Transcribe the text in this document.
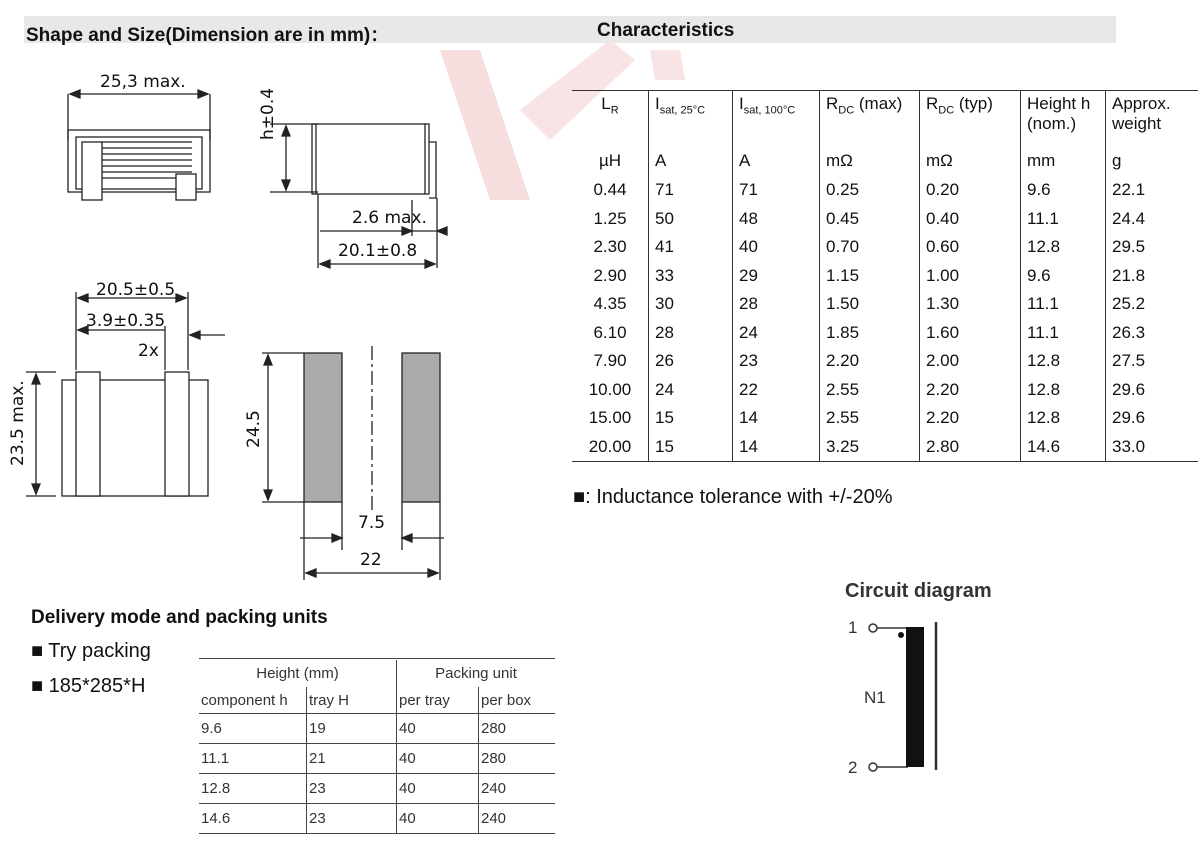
Shape and Size(Dimension are in mm)：	Characteristics
25,3 max.
h±0.4
2.6 max.
20.1±0.8
20.5±0.5
3.9±0.35
2x
23.5 max.	24.5
7.5
22
$L_R$	$I_{sat, 25^\circ C}$	$I_{sat, 100^\circ C}$	$R_{DC}$ (max)	$R_{DC}$ (typ)	Height h (nom.)	Approx. weight
µH	A	A	mΩ	mΩ	mm	g
0.44	71	71	0.25	0.20	9.6	22.1
1.25	50	48	0.45	0.40	11.1	24.4
2.30	41	40	0.70	0.60	12.8	29.5
2.90	33	29	1.15	1.00	9.6	21.8
4.35	30	28	1.50	1.30	11.1	25.2
6.10	28	24	1.85	1.60	11.1	26.3
7.90	26	23	2.20	2.00	12.8	27.5
10.00	24	22	2.55	2.20	12.8	29.6
15.00	15	14	2.55	2.20	12.8	29.6
20.00	15	14	3.25	2.80	14.6	33.0
■: Inductance tolerance with +/-20%
Delivery mode and packing units
■ Try packing
■ 185*285*H
Height (mm)		Packing unit	
component h	tray H	per tray	per box
9.6	19	40	280
11.1	21	40	280
12.8	23	40	240
14.6	23	40	240
Circuit diagram
1
2
N1
